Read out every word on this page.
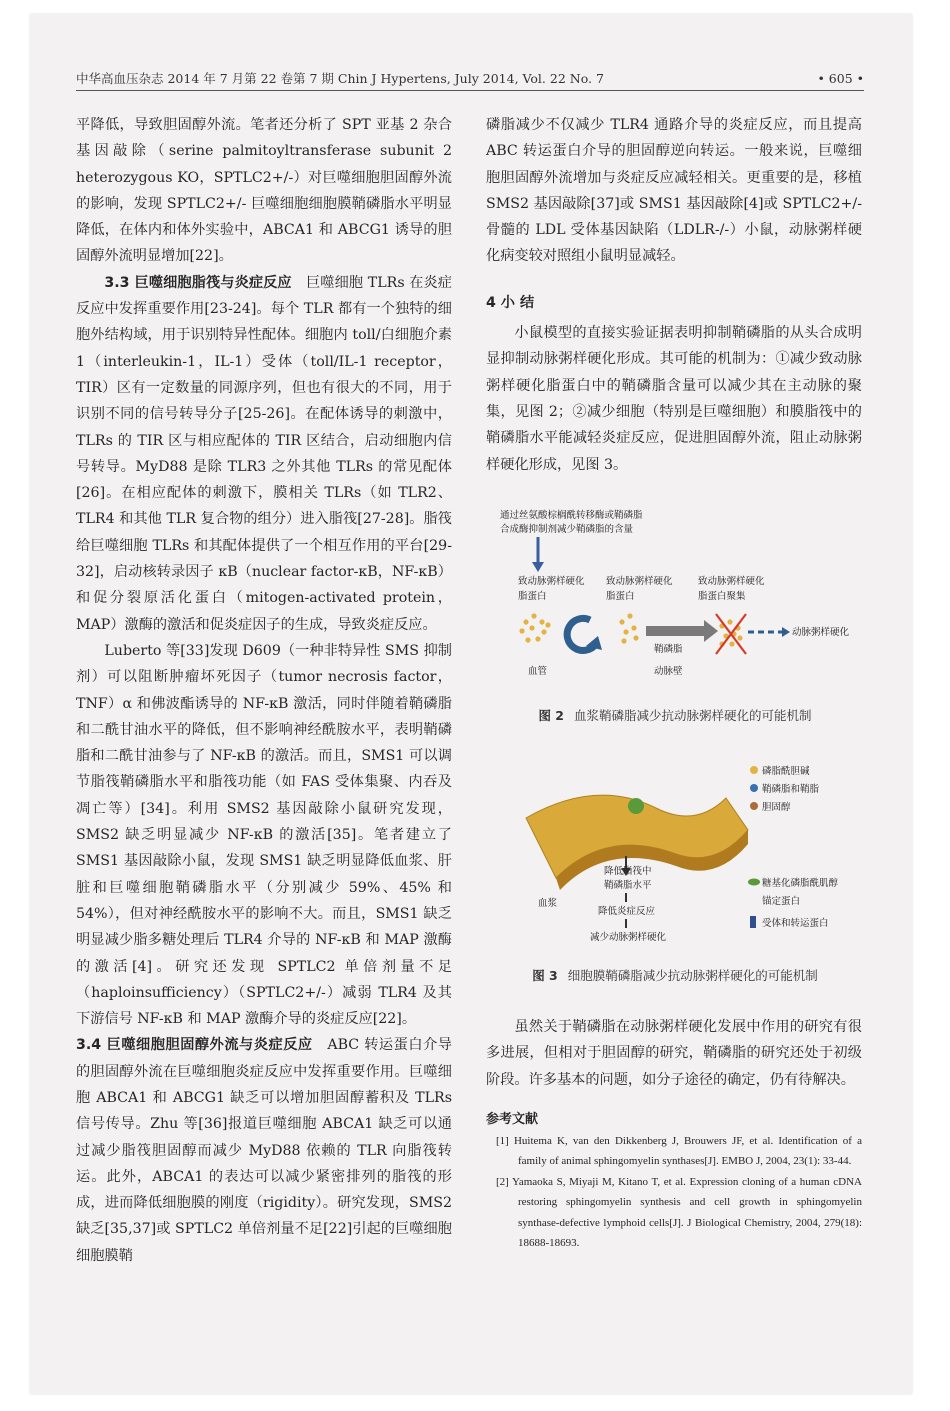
中华高血压杂志 2014 年 7 月第 22 卷第 7 期 Chin J Hypertens, July 2014, Vol. 22 No. 7	• 605 •

平降低，导致胆固醇外流。笔者还分析了 SPT 亚基 2 杂合基因敲除（serine palmitoyltransferase subunit 2 heterozygous KO，SPTLC2+/-）对巨噬细胞胆固醇外流的影响，发现 SPTLC2+/- 巨噬细胞细胞膜鞘磷脂水平明显降低，在体内和体外实验中，ABCA1 和 ABCG1 诱导的胆固醇外流明显增加[22]。

3.3 巨噬细胞脂筏与炎症反应　 巨噬细胞 TLRs 在炎症反应中发挥重要作用[23-24]。每个 TLR 都有一个独特的细胞外结构域，用于识别特异性配体。细胞内 toll/白细胞介素 1（interleukin-1，IL-1）受体（toll/IL-1 receptor，TIR）区有一定数量的同源序列，但也有很大的不同，用于识别不同的信号转导分子[25-26]。在配体诱导的刺激中，TLRs 的 TIR 区与相应配体的 TIR 区结合，启动细胞内信号转导。MyD88 是除 TLR3 之外其他 TLRs 的常见配体[26]。在相应配体的刺激下，膜相关 TLRs（如 TLR2、TLR4 和其他 TLR 复合物的组分）进入脂筏[27-28]。脂筏给巨噬细胞 TLRs 和其配体提供了一个相互作用的平台[29-32]，启动核转录因子 κB（nuclear factor-κB，NF-κB）和促分裂原活化蛋白（mitogen-activated protein，MAP）激酶的激活和促炎症因子的生成，导致炎症反应。

Luberto 等[33]发现 D609（一种非特异性 SMS 抑制剂）可以阻断肿瘤坏死因子（tumor necrosis factor，TNF）α 和佛波酯诱导的 NF-κB 激活，同时伴随着鞘磷脂和二酰甘油水平的降低，但不影响神经酰胺水平，表明鞘磷脂和二酰甘油参与了 NF-κB 的激活。而且，SMS1 可以调节脂筏鞘磷脂水平和脂筏功能（如 FAS 受体集聚、内吞及凋亡等）[34]。利用 SMS2 基因敲除小鼠研究发现，SMS2 缺乏明显减少 NF-κB 的激活[35]。笔者建立了 SMS1 基因敲除小鼠，发现 SMS1 缺乏明显降低血浆、肝脏和巨噬细胞鞘磷脂水平（分别减少 59%、45% 和 54%），但对神经酰胺水平的影响不大。而且，SMS1 缺乏明显减少脂多糖处理后 TLR4 介导的 NF-κB 和 MAP 激酶的激活[4]。研究还发现 SPTLC2 单倍剂量不足（haploinsufficiency）（SPTLC2+/-）减弱 TLR4 及其下游信号 NF-κB 和 MAP 激酶介导的炎症反应[22]。

3.4 巨噬细胞胆固醇外流与炎症反应　 ABC 转运蛋白介导的胆固醇外流在巨噬细胞炎症反应中发挥重要作用。巨噬细胞 ABCA1 和 ABCG1 缺乏可以增加胆固醇蓄积及 TLRs 信号传导。Zhu 等[36]报道巨噬细胞 ABCA1 缺乏可以通过减少脂筏胆固醇而减少 MyD88 依赖的 TLR 向脂筏转运。此外，ABCA1 的表达可以减少紧密排列的脂筏的形成，进而降低细胞膜的刚度（rigidity）。研究发现，SMS2 缺乏[35,37]或 SPTLC2 单倍剂量不足[22]引起的巨噬细胞细胞膜鞘

磷脂减少不仅减少 TLR4 通路介导的炎症反应，而且提高 ABC 转运蛋白介导的胆固醇逆向转运。一般来说，巨噬细胞胆固醇外流增加与炎症反应减轻相关。更重要的是，移植 SMS2 基因敲除[37]或 SMS1 基因敲除[4]或 SPTLC2+/- 骨髓的 LDL 受体基因缺陷（LDLR-/-）小鼠，动脉粥样硬化病变较对照组小鼠明显减轻。

4 小 结

小鼠模型的直接实验证据表明抑制鞘磷脂的从头合成明显抑制动脉粥样硬化形成。其可能的机制为：①减少致动脉粥样硬化脂蛋白中的鞘磷脂含量可以减少其在主动脉的聚集，见图 2；②减少细胞（特别是巨噬细胞）和膜脂筏中的鞘磷脂水平能减轻炎症反应，促进胆固醇外流，阻止动脉粥样硬化形成，见图 3。

通过丝氨酸棕榈酰转移酶或鞘磷脂
合成酶抑制剂减少鞘磷脂的含量
致动脉粥样硬化
脂蛋白
致动脉粥样硬化
脂蛋白
致动脉粥样硬化
脂蛋白聚集
鞘磷脂
动脉粥样硬化
血管	动脉壁
图 2 血浆鞘磷脂减少抗动脉粥样硬化的可能机制
降低脂筏中
鞘磷脂水平
降低炎症反应
减少动脉粥样硬化
血浆
磷脂酰胆碱
鞘磷脂和鞘脂
胆固醇
糖基化磷脂酰肌醇
锚定蛋白
受体和转运蛋白
图 3 细胞膜鞘磷脂减少抗动脉粥样硬化的可能机制

虽然关于鞘磷脂在动脉粥样硬化发展中作用的研究有很多进展，但相对于胆固醇的研究，鞘磷脂的研究还处于初级阶段。许多基本的问题，如分子途径的确定，仍有待解决。

参考文献

[1] Huitema K, van den Dikkenberg J, Brouwers JF, et al. Identification of a family of animal sphingomyelin synthases[J]. EMBO J, 2004, 23(1): 33-44.

[2] Yamaoka S, Miyaji M, Kitano T, et al. Expression cloning of a human cDNA restoring sphingomyelin synthesis and cell growth in sphingomyelin synthase-defective lymphoid cells[J]. J Biological Chemistry, 2004, 279(18): 18688-18693.
